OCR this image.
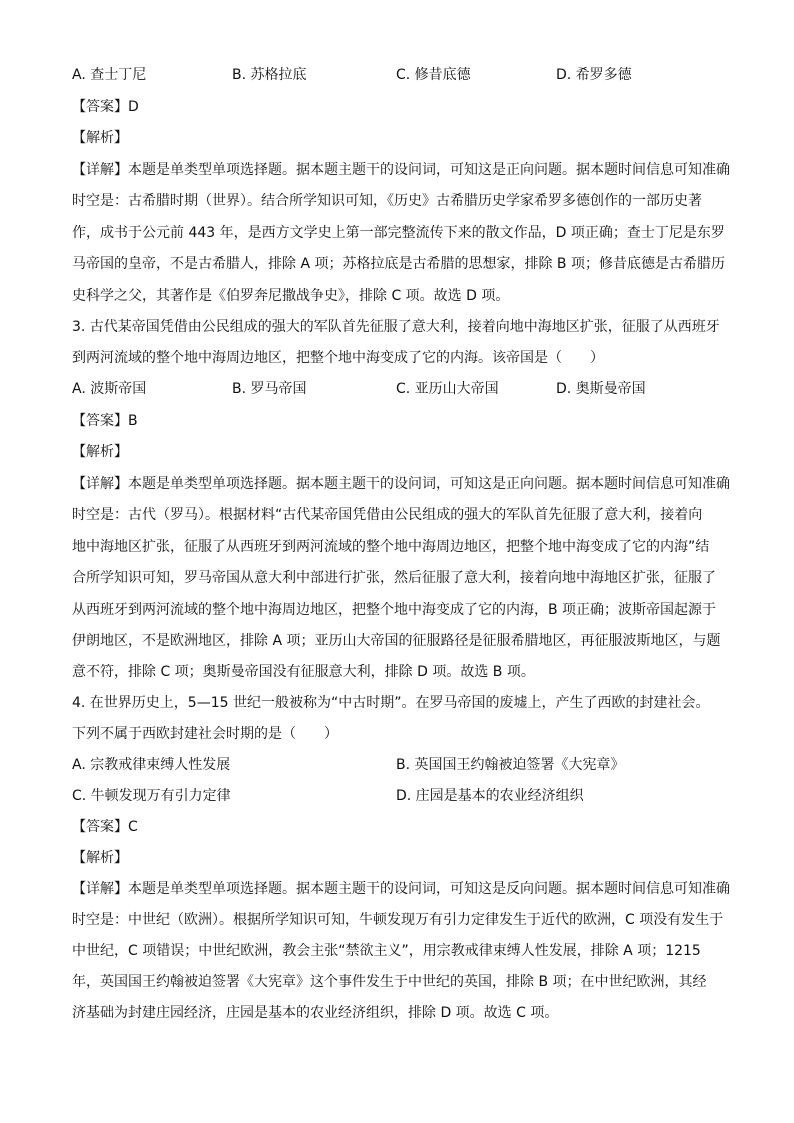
A. 查士丁尼	B. 苏格拉底	C. 修昔底德	D. 希罗多德
【答案】D
【解析】
【详解】本题是单类型单项选择题。据本题主题干的设问词，可知这是正向问题。据本题时间信息可知准确
时空是：古希腊时期（世界）。结合所学知识可知，《历史》古希腊历史学家希罗多德创作的一部历史著
作，成书于公元前 443 年，是西方文学史上第一部完整流传下来的散文作品，D 项正确；查士丁尼是东罗
马帝国的皇帝，不是古希腊人，排除 A 项；苏格拉底是古希腊的思想家，排除 B 项；修昔底德是古希腊历
史科学之父，其著作是《伯罗奔尼撒战争史》，排除 C 项。故选 D 项。
3. 古代某帝国凭借由公民组成的强大的军队首先征服了意大利，接着向地中海地区扩张，征服了从西班牙
到两河流域的整个地中海周边地区，把整个地中海变成了它的内海。该帝国是（　　）
A. 波斯帝国	B. 罗马帝国	C. 亚历山大帝国	D. 奥斯曼帝国
【答案】B
【解析】
【详解】本题是单类型单项选择题。据本题主题干的设问词，可知这是正向问题。据本题时间信息可知准确
时空是：古代（罗马）。根据材料“古代某帝国凭借由公民组成的强大的军队首先征服了意大利，接着向
地中海地区扩张，征服了从西班牙到两河流域的整个地中海周边地区，把整个地中海变成了它的内海”结
合所学知识可知，罗马帝国从意大利中部进行扩张，然后征服了意大利，接着向地中海地区扩张，征服了
从西班牙到两河流域的整个地中海周边地区，把整个地中海变成了它的内海，B 项正确；波斯帝国起源于
伊朗地区，不是欧洲地区，排除 A 项；亚历山大帝国的征服路径是征服希腊地区，再征服波斯地区，与题
意不符，排除 C 项；奥斯曼帝国没有征服意大利，排除 D 项。故选 B 项。
4. 在世界历史上，5—15 世纪一般被称为“中古时期”。在罗马帝国的废墟上，产生了西欧的封建社会。
下列不属于西欧封建社会时期的是（　　）
A. 宗教戒律束缚人性发展	B. 英国国王约翰被迫签署《大宪章》
C. 牛顿发现万有引力定律	D. 庄园是基本的农业经济组织
【答案】C
【解析】
【详解】本题是单类型单项选择题。据本题主题干的设问词，可知这是反向问题。据本题时间信息可知准确
时空是：中世纪（欧洲）。根据所学知识可知，牛顿发现万有引力定律发生于近代的欧洲，C 项没有发生于
中世纪，C 项错误；中世纪欧洲，教会主张“禁欲主义”，用宗教戒律束缚人性发展，排除 A 项；1215
年，英国国王约翰被迫签署《大宪章》这个事件发生于中世纪的英国，排除 B 项；在中世纪欧洲，其经
济基础为封建庄园经济，庄园是基本的农业经济组织，排除 D 项。故选 C 项。
